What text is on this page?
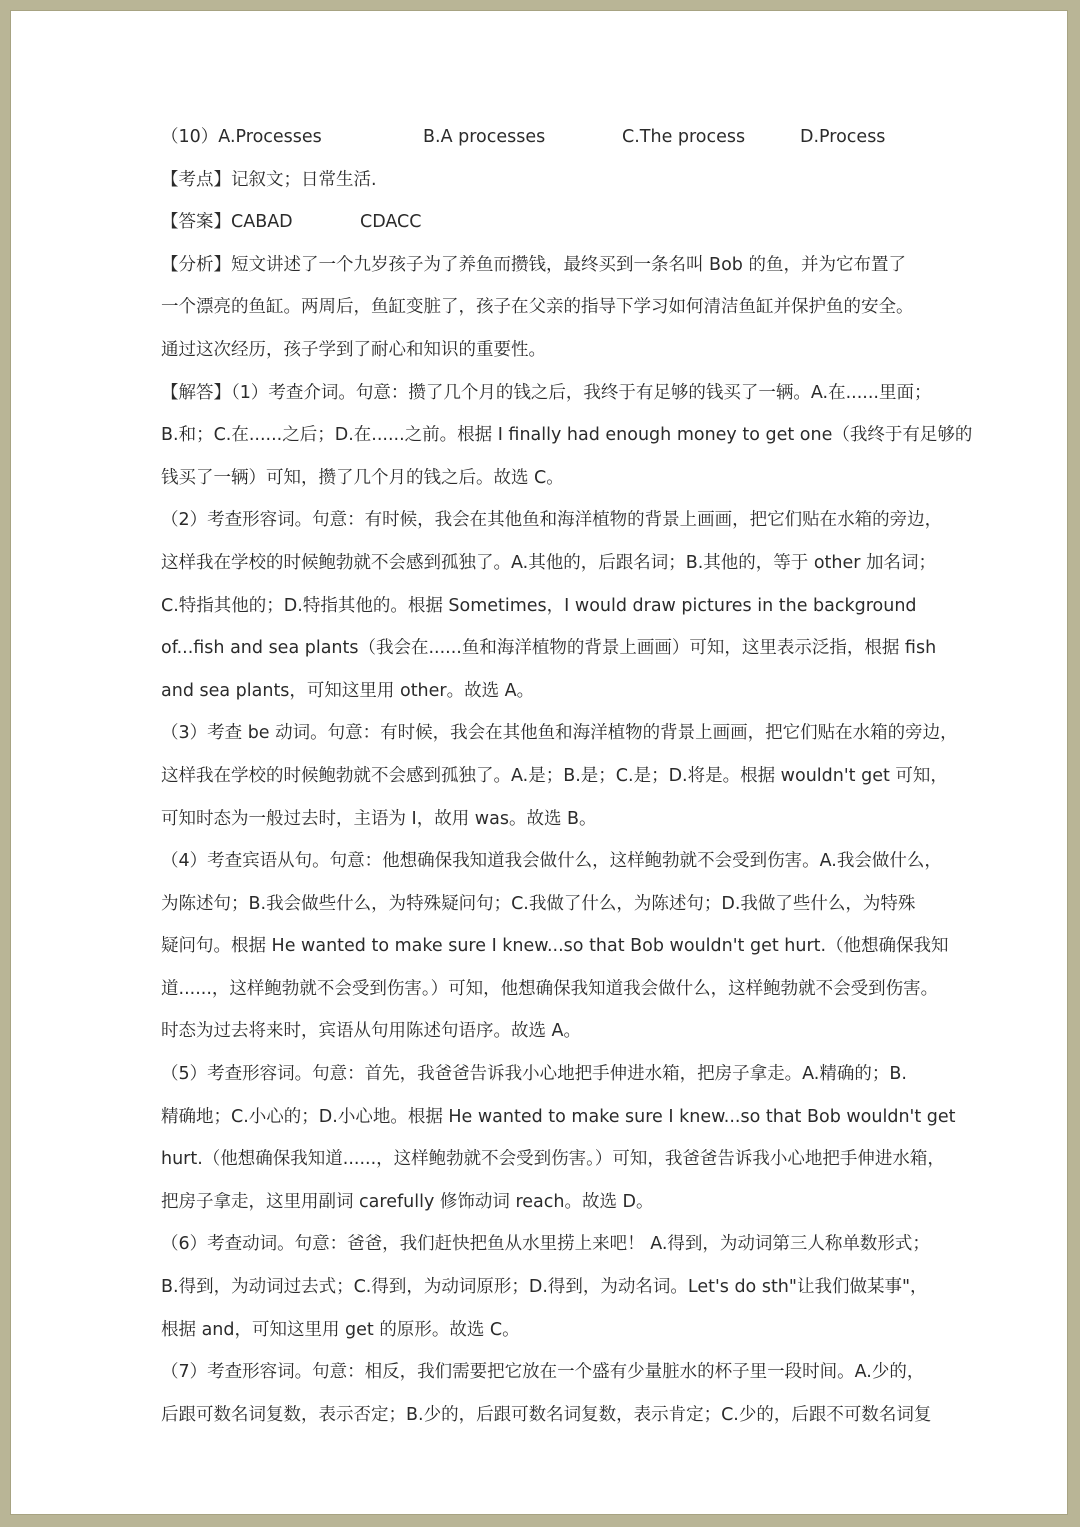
（10）A.Processes	B.A processes	C.The process	D.Process
【考点】记叙文；日常生活.
【答案】CABAD	CDACC
【分析】短文讲述了一个九岁孩子为了养鱼而攒钱，最终买到一条名叫 Bob 的鱼，并为它布置了
一个漂亮的鱼缸。两周后，鱼缸变脏了，孩子在父亲的指导下学习如何清洁鱼缸并保护鱼的安全。
通过这次经历，孩子学到了耐心和知识的重要性。
【解答】（1）考查介词。句意：攒了几个月的钱之后，我终于有足够的钱买了一辆。A.在......里面；
B.和；C.在......之后；D.在......之前。根据 I finally had enough money to get one（我终于有足够的
钱买了一辆）可知，攒了几个月的钱之后。故选 C。
（2）考查形容词。句意：有时候，我会在其他鱼和海洋植物的背景上画画，把它们贴在水箱的旁边，
这样我在学校的时候鲍勃就不会感到孤独了。A.其他的，后跟名词；B.其他的，等于 other 加名词；
C.特指其他的；D.特指其他的。根据 Sometimes，I would draw pictures in the background
of...fish and sea plants（我会在......鱼和海洋植物的背景上画画）可知，这里表示泛指，根据 fish
and sea plants，可知这里用 other。故选 A。
（3）考查 be 动词。句意：有时候，我会在其他鱼和海洋植物的背景上画画，把它们贴在水箱的旁边，
这样我在学校的时候鲍勃就不会感到孤独了。A.是；B.是；C.是；D.将是。根据 wouldn't get 可知，
可知时态为一般过去时，主语为 I，故用 was。故选 B。
（4）考查宾语从句。句意：他想确保我知道我会做什么，这样鲍勃就不会受到伤害。A.我会做什么，
为陈述句；B.我会做些什么，为特殊疑问句；C.我做了什么，为陈述句；D.我做了些什么，为特殊
疑问句。根据 He wanted to make sure I knew...so that Bob wouldn't get hurt.（他想确保我知
道......，这样鲍勃就不会受到伤害。）可知，他想确保我知道我会做什么，这样鲍勃就不会受到伤害。
时态为过去将来时，宾语从句用陈述句语序。故选 A。
（5）考查形容词。句意：首先，我爸爸告诉我小心地把手伸进水箱，把房子拿走。A.精确的；B.
精确地；C.小心的；D.小心地。根据 He wanted to make sure I knew...so that Bob wouldn't get
hurt.（他想确保我知道......，这样鲍勃就不会受到伤害。）可知，我爸爸告诉我小心地把手伸进水箱，
把房子拿走，这里用副词 carefully 修饰动词 reach。故选 D。
（6）考查动词。句意：爸爸，我们赶快把鱼从水里捞上来吧！ A.得到，为动词第三人称单数形式；
B.得到，为动词过去式；C.得到，为动词原形；D.得到，为动名词。Let's do sth"让我们做某事"，
根据 and，可知这里用 get 的原形。故选 C。
（7）考查形容词。句意：相反，我们需要把它放在一个盛有少量脏水的杯子里一段时间。A.少的，
后跟可数名词复数，表示否定；B.少的，后跟可数名词复数，表示肯定；C.少的，后跟不可数名词复
